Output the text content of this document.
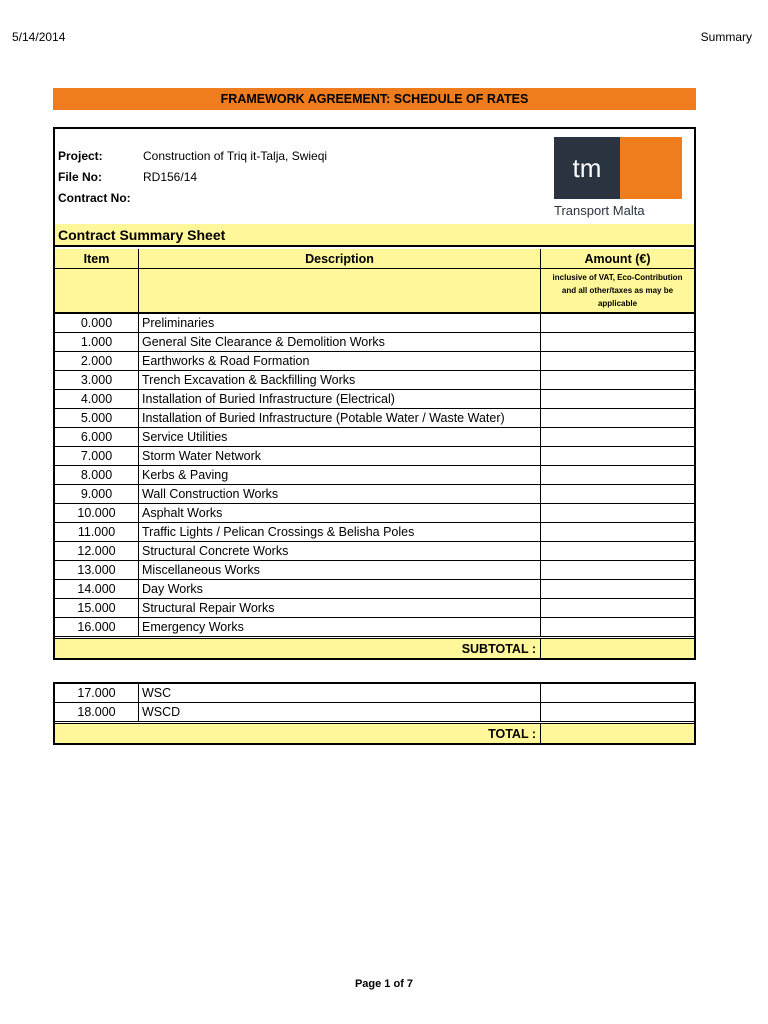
5/14/2014	Summary
FRAMEWORK AGREEMENT: SCHEDULE OF RATES
Project:	Construction of Triq it-Talja, Swieqi
File No:	RD156/14
Contract No:
tm
Transport Malta
Contract Summary Sheet
Item	Description	Amount (€)
inclusive of VAT, Eco-Contribution and all other/taxes as may be applicable
0.000	Preliminaries
1.000	General Site Clearance & Demolition Works
2.000	Earthworks & Road Formation
3.000	Trench Excavation & Backfilling Works
4.000	Installation of Buried Infrastructure (Electrical)
5.000	Installation of Buried Infrastructure (Potable Water / Waste Water)
6.000	Service Utilities
7.000	Storm Water Network
8.000	Kerbs & Paving
9.000	Wall Construction Works
10.000	Asphalt Works
11.000	Traffic Lights / Pelican Crossings & Belisha Poles
12.000	Structural Concrete Works
13.000	Miscellaneous Works
14.000	Day Works
15.000	Structural Repair Works
16.000	Emergency Works
SUBTOTAL :
17.000	WSC
18.000	WSCD
TOTAL :
Page 1 of 7
